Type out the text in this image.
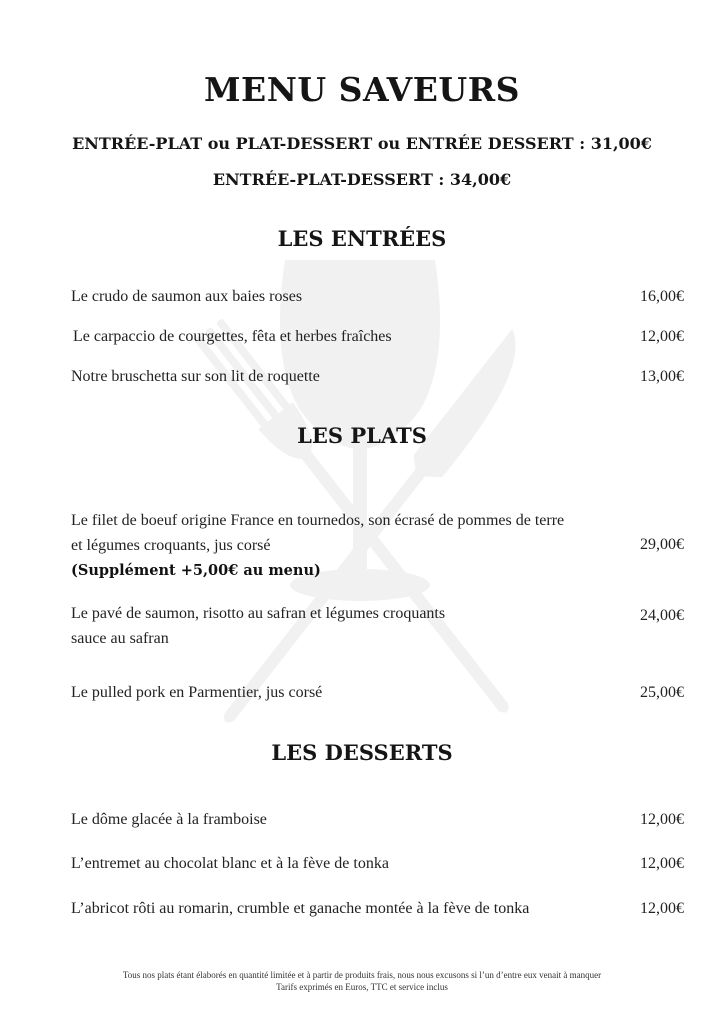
MENU SAVEURS
ENTRÉE-PLAT ou PLAT-DESSERT ou ENTRÉE DESSERT : 31,00€
ENTRÉE-PLAT-DESSERT : 34,00€
LES ENTRÉES
Le crudo de saumon aux baies roses	16,00€
Le carpaccio de courgettes, fêta et herbes fraîches	12,00€
Notre bruschetta sur son lit de roquette	13,00€
LES PLATS
Le filet de boeuf origine France en tournedos, son écrasé de pommes de terre
et légumes croquants, jus corsé
(Supplément +5,00€ au menu)
29,00€
Le pavé de saumon, risotto au safran et légumes croquants
sauce au safran
24,00€
Le pulled pork en Parmentier, jus corsé	25,00€
LES DESSERTS
Le dôme glacée à la framboise	12,00€
L’entremet au chocolat blanc et à la fève de tonka	12,00€
L’abricot rôti au romarin, crumble et ganache montée à la fève de tonka	12,00€
Tous nos plats étant élaborés en quantité limitée et à partir de produits frais, nous nous excusons si l’un d’entre eux venait à manquer
Tarifs exprimés en Euros, TTC et service inclus
